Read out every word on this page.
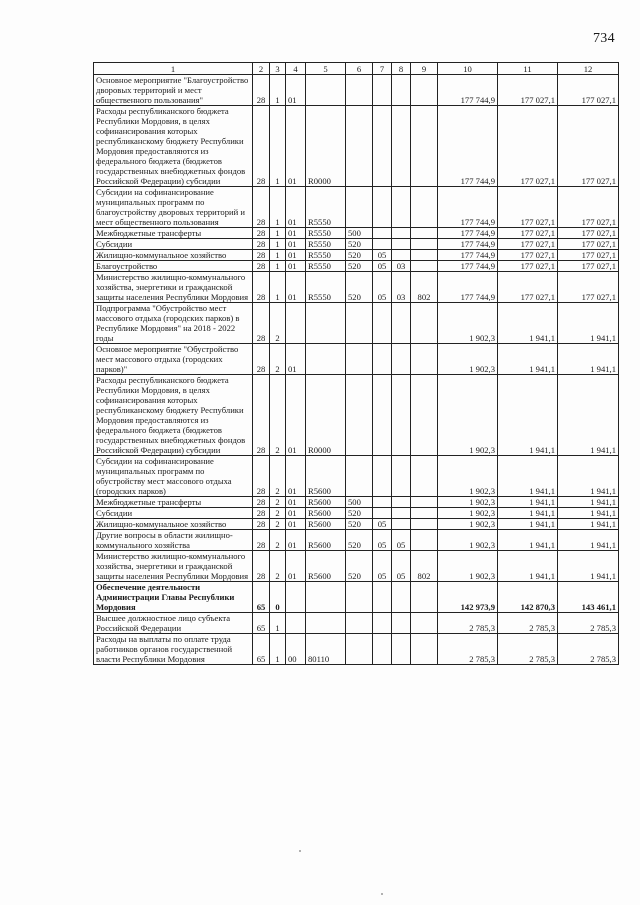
734
1	2	3	4	5	6	7	8	9	10	11	12
Основное мероприятие "Благоустройство дворовых территорий и мест общественного пользования"	28	1	01						177 744,9	177 027,1	177 027,1
Расходы республиканского бюджета Республики Мордовия, в целях софинансирования которых республиканскому бюджету Республики Мордовия предоставляются из федерального бюджета (бюджетов государственных внебюджетных фондов Российской Федерации) субсидии	28	1	01	R0000					177 744,9	177 027,1	177 027,1
Субсидии на софинансирование муниципальных программ по благоустройству дворовых территорий и мест общественного пользования	28	1	01	R5550					177 744,9	177 027,1	177 027,1
Межбюджетные трансферты	28	1	01	R5550	500				177 744,9	177 027,1	177 027,1
Субсидии	28	1	01	R5550	520				177 744,9	177 027,1	177 027,1
Жилищно-коммунальное хозяйство	28	1	01	R5550	520	05			177 744,9	177 027,1	177 027,1
Благоустройство	28	1	01	R5550	520	05	03		177 744,9	177 027,1	177 027,1
Министерство жилищно-коммунального хозяйства, энергетики и гражданской защиты населения Республики Мордовия	28	1	01	R5550	520	05	03	802	177 744,9	177 027,1	177 027,1
Подпрограмма "Обустройство мест массового отдыха (городских парков) в Республике Мордовия" на 2018 - 2022 годы	28	2							1 902,3	1 941,1	1 941,1
Основное мероприятие "Обустройство мест массового отдыха (городских парков)"	28	2	01						1 902,3	1 941,1	1 941,1
Расходы республиканского бюджета Республики Мордовия, в целях софинансирования которых республиканскому бюджету Республики Мордовия предоставляются из федерального бюджета (бюджетов государственных внебюджетных фондов Российской Федерации) субсидии	28	2	01	R0000					1 902,3	1 941,1	1 941,1
Субсидии на софинансирование муниципальных программ по обустройству мест массового отдыха (городских парков)	28	2	01	R5600					1 902,3	1 941,1	1 941,1
Межбюджетные трансферты	28	2	01	R5600	500				1 902,3	1 941,1	1 941,1
Субсидии	28	2	01	R5600	520				1 902,3	1 941,1	1 941,1
Жилищно-коммунальное хозяйство	28	2	01	R5600	520	05			1 902,3	1 941,1	1 941,1
Другие вопросы в области жилищно-коммунального хозяйства	28	2	01	R5600	520	05	05		1 902,3	1 941,1	1 941,1
Министерство жилищно-коммунального хозяйства, энергетики и гражданской защиты населения Республики Мордовия	28	2	01	R5600	520	05	05	802	1 902,3	1 941,1	1 941,1
Обеспечение деятельности Администрации Главы Республики Мордовия	65	0							142 973,9	142 870,3	143 461,1
Высшее должностное лицо субъекта Российской Федерации	65	1							2 785,3	2 785,3	2 785,3
Расходы на выплаты по оплате труда работников органов государственной власти Республики Мордовия	65	1	00	80110					2 785,3	2 785,3	2 785,3
